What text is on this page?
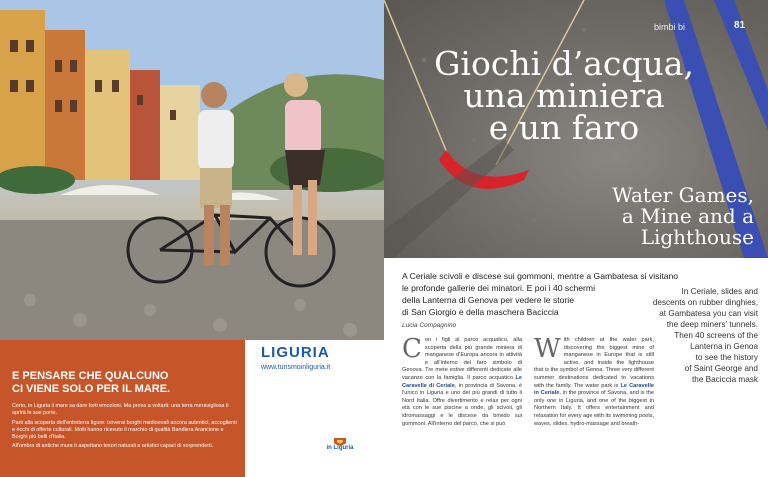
E PENSARE CHE QUALCUNO
CI VIENE SOLO PER IL MARE.

Certo, in Liguria il mare sa dare forti emozioni. Ma prova a voltarti: una terra meravigliosa ti aprirà le sue porte.

Parti alla scoperta dell'entroterra ligure: troverai borghi medioevali ancora autentici, accoglienti e ricchi di offerte culturali. Molti hanno ricevuto il marchio di qualità Bandiera Arancione e Borghi più belli d'Italia.

All'ombra di antiche mura ti aspettano tesori naturali e artistici capaci di sorprenderti.

LIGURIA
www.turismoinliguria.it
in Liguria
bimbi bi	81
Giochi d’acqua,
una miniera
e un faro
Water Games,
a Mine and a
Lighthouse
A Ceriale scivoli e discese sui gommoni, mentre a Gambatesa si visitano
le profonde gallerie dei minatori. E poi i 40 schermi
della Lanterna di Genova per vedere le storie
di San Giorgio e della maschera Baciccia
Lucia Compagnino
In Ceriale, slides and
descents on rubber dinghies,
at Gambatesa you can visit
the deep miners' tunnels.
Then 40 screens of the
Lanterna in Genoa
to see the history
of Saint George and
the Baciccia mask
Con i figli al parco acquatico, alla scoperta della più grande miniera di manganese d'Europa ancora in attività e all'interno del faro simbolo di Genova. Tre mete estive differenti dedicate alle vacanze con la famiglia. Il parco acquatico Le Caravelle di Ceriale, in provincia di Savona, è l'unico in Liguria e uno dei più grandi di tutto il Nord Italia. Offre divertimento e relax per ogni età con le sue piscine a onde, gli scivoli, gli idromassaggi e le discese da brivido sui gommoni. All'interno del parco, che si può
With children at the water park, discovering the biggest mine of manganese in Europe that is still active, and inside the lighthouse that is the symbol of Genoa. Three very different summer destinations dedicated to vacations with the family. The water park is Le Caravelle in Ceriale, in the province of Savona, and is the only one in Liguria, and one of the biggest in Northern Italy. It offers entertainment and relaxation for every age with its swimming pools, waves, slides, hydro-massage and breath-
